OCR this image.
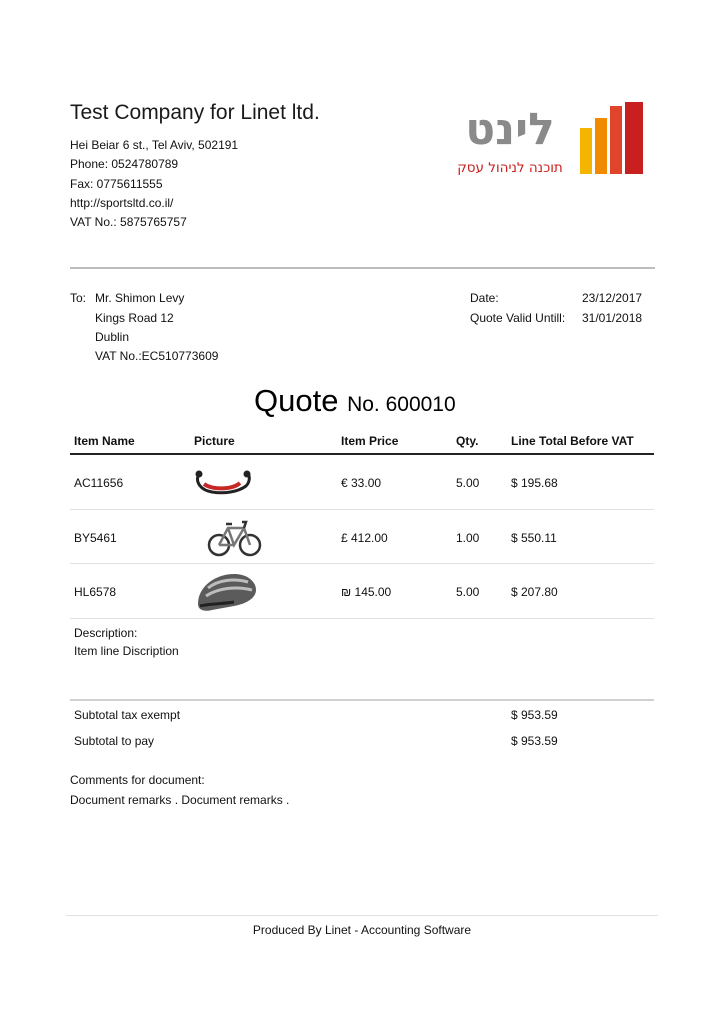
Test Company for Linet ltd.
Hei Beiar 6 st., Tel Aviv, 502191
Phone: 0524780789
Fax: 0775611555
http://sportsltd.co.il/
VAT No.: 5875765757
לינט
תוכנה לניהול עסק
To: Mr. Shimon Levy
Kings Road 12
Dublin
VAT No.:EC510773609
Date:	23/12/2017
Quote Valid Untill: 31/01/2018
Quote No. 600010
Item Name	Picture	Item Price	Qty.	Line Total Before VAT
AC11656	€ 33.00	5.00	$ 195.68
BY5461	£ 412.00	1.00	$ 550.11
HL6578	₪ 145.00	5.00	$ 207.80
Description:
Item line Discription
Subtotal tax exempt	$ 953.59
Subtotal to pay	$ 953.59
Comments for document:
Document remarks . Document remarks .
Produced By Linet - Accounting Software
